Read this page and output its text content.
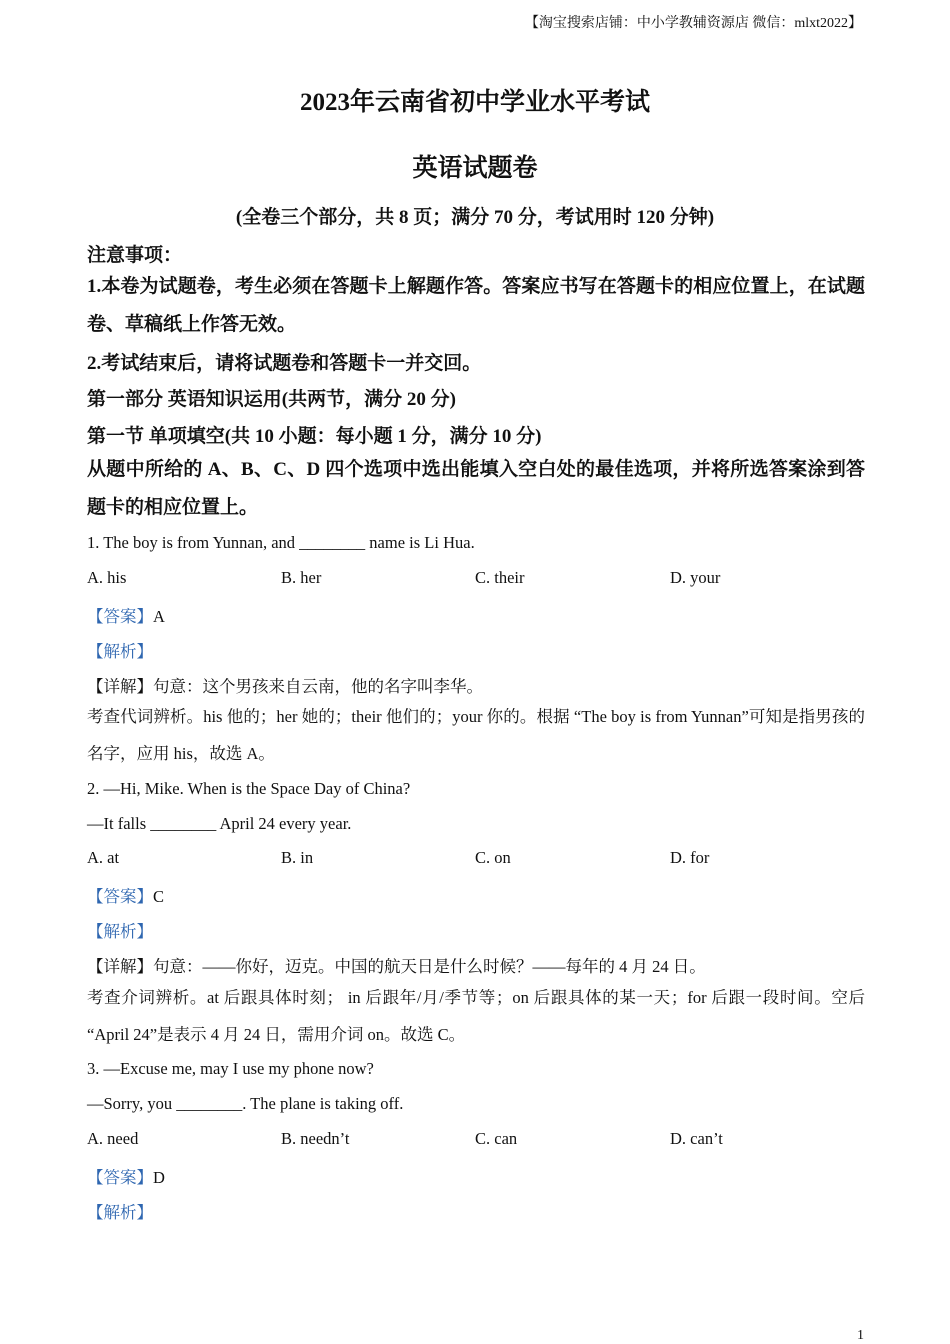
【淘宝搜索店铺：中小学教辅资源店 微信：mlxt2022】
2023年云南省初中学业水平考试
英语试题卷
(全卷三个部分，共 8 页；满分 70 分，考试用时 120 分钟)
注意事项：
1.本卷为试题卷，考生必须在答题卡上解题作答。答案应书写在答题卡的相应位置上，在试题卷、草稿纸上作答无效。
2.考试结束后，请将试题卷和答题卡一并交回。
第一部分 英语知识运用(共两节，满分 20 分)
第一节 单项填空(共 10 小题：每小题 1 分，满分 10 分)
从题中所给的 A、B、C、D 四个选项中选出能填入空白处的最佳选项，并将所选答案涂到答题卡的相应位置上。
1. The boy is from Yunnan, and ________ name is Li Hua.
A. his	B. her	C. their	D. your
【答案】A
【解析】
【详解】句意：这个男孩来自云南，他的名字叫李华。
考查代词辨析。his 他的；her 她的；their 他们的；your 你的。根据 “The boy is from Yunnan”可知是指男孩的名字，应用 his，故选 A。
2. —Hi, Mike. When is the Space Day of China?
—It falls ________ April 24 every year.
A. at	B. in	C. on	D. for
【答案】C
【解析】
【详解】句意：——你好，迈克。中国的航天日是什么时候？——每年的 4 月 24 日。
考查介词辨析。at 后跟具体时刻； in 后跟年/月/季节等；on 后跟具体的某一天；for 后跟一段时间。空后 “April 24”是表示 4 月 24 日，需用介词 on。故选 C。
3. —Excuse me, may I use my phone now?
—Sorry, you ________. The plane is taking off.
A. need	B. needn’t	C. can	D. can’t
【答案】D
【解析】
1
